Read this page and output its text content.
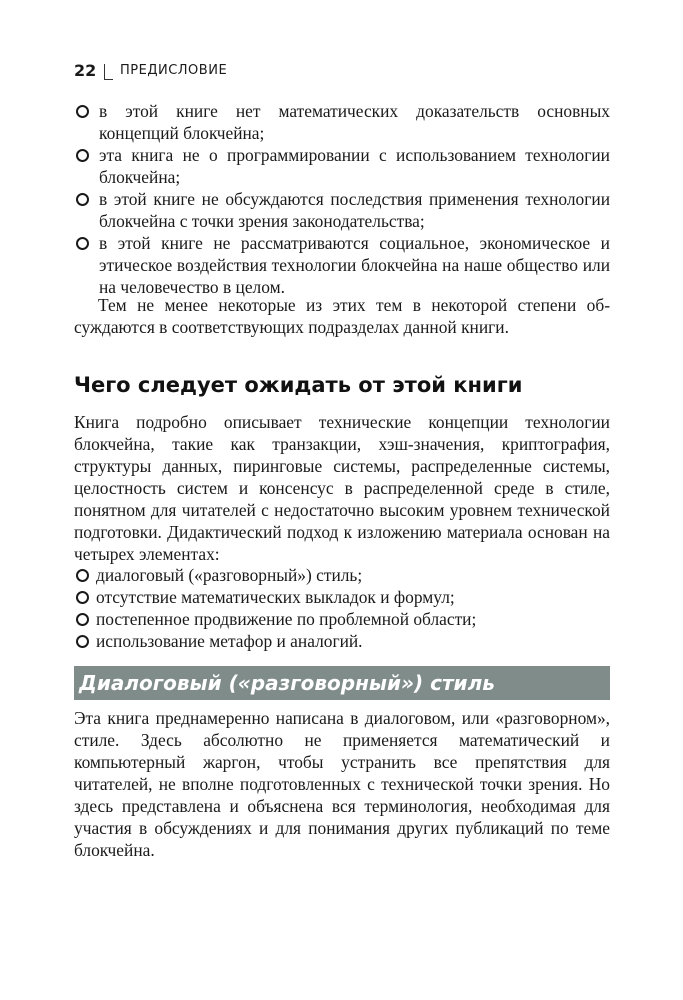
22 ПРЕДИСЛОВИЕ
в этой книге нет математических доказательств основных концепций блокчейна;
эта книга не о программировании с использованием технологии блокчейна;
в этой книге не обсуждаются последствия применения технологии блокчейна с точки зрения законодательства;
в этой книге не рассматриваются социальное, экономическое и этическое воздействия технологии блокчейна на наше общество или на человечество в целом.

Тем не менее некоторые из этих тем в некоторой степени обсуждаются в соответствующих подразделах данной книги.

Чего следует ожидать от этой книги

Книга подробно описывает технические концепции технологии блокчейна, такие как транзакции, хэш-значения, криптография, структуры данных, пиринговые системы, распределенные системы, целостность систем и консенсус в распределенной среде в стиле, понятном для читателей с недостаточно высоким уровнем технической подготовки. Дидактический подход к изложению материала основан на четырех элементах:

диалоговый («разговорный») стиль;
отсутствие математических выкладок и формул;
постепенное продвижение по проблемной области;
использование метафор и аналогий.
Диалоговый («разговорный») стиль

Эта книга преднамеренно написана в диалоговом, или «разговорном», стиле. Здесь абсолютно не применяется математический и компьютерный жаргон, чтобы устранить все препятствия для читателей, не вполне подготовленных с технической точки зрения. Но здесь представлена и объяснена вся терминология, необходимая для участия в обсуждениях и для понимания других публикаций по теме блокчейна.
